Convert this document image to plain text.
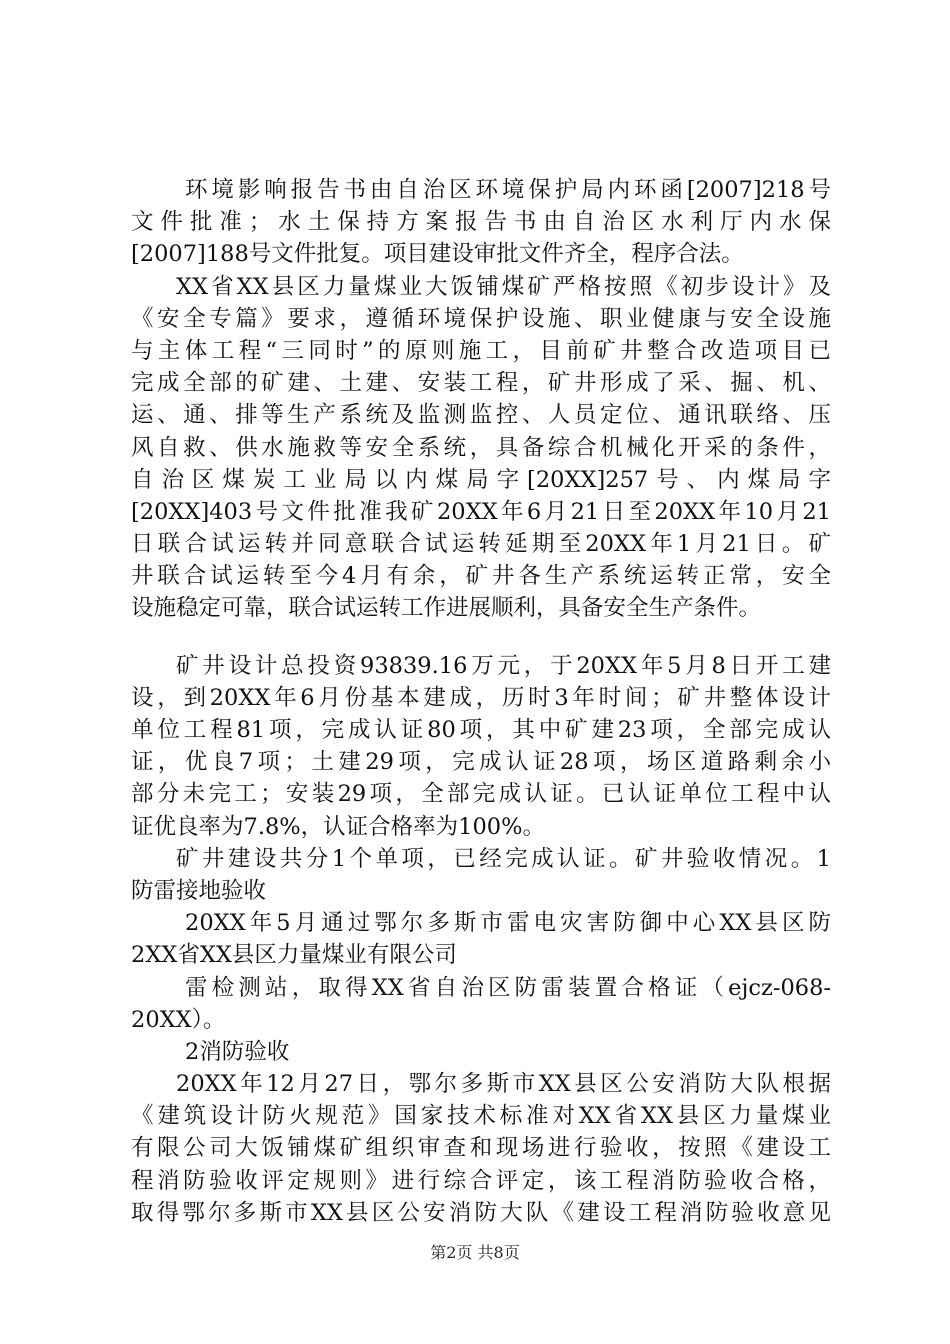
环境影响报告书由自治区环境保护局内环函[2007]218号
文件批准；水土保持方案报告书由自治区水利厅内水保
[2007]188号文件批复。项目建设审批文件齐全，程序合法。
XX省XX县区力量煤业大饭铺煤矿严格按照《初步设计》及
《安全专篇》要求，遵循环境保护设施、职业健康与安全设施
与主体工程“三同时”的原则施工，目前矿井整合改造项目已
完成全部的矿建、土建、安装工程，矿井形成了采、掘、机、
运、通、排等生产系统及监测监控、人员定位、通讯联络、压
风自救、供水施救等安全系统，具备综合机械化开采的条件，
自治区煤炭工业局以内煤局字[20XX]257号、内煤局字
[20XX]403号文件批准我矿20XX年6月21日至20XX年10月21
日联合试运转并同意联合试运转延期至20XX年1月21日。矿
井联合试运转至今4月有余，矿井各生产系统运转正常，安全
设施稳定可靠，联合试运转工作进展顺利，具备安全生产条件。
矿井设计总投资93839.16万元，于20XX年5月8日开工建
设，到20XX年6月份基本建成，历时3年时间；矿井整体设计
单位工程81项，完成认证80项，其中矿建23项，全部完成认
证，优良7项；土建29项，完成认证28项，场区道路剩余小
部分未完工；安装29项，全部完成认证。已认证单位工程中认
证优良率为7.8%，认证合格率为100%。
矿井建设共分1个单项，已经完成认证。矿井验收情况。1
防雷接地验收
20XX年5月通过鄂尔多斯市雷电灾害防御中心XX县区防
2XX省XX县区力量煤业有限公司
雷检测站，取得XX省自治区防雷装置合格证（ejcz-068-
20XX）。
2消防验收
20XX年12月27日，鄂尔多斯市XX县区公安消防大队根据
《建筑设计防火规范》国家技术标准对XX省XX县区力量煤业
有限公司大饭铺煤矿组织审查和现场进行验收，按照《建设工
程消防验收评定规则》进行综合评定，该工程消防验收合格，
取得鄂尔多斯市XX县区公安消防大队《建设工程消防验收意见
第2页 共8页
